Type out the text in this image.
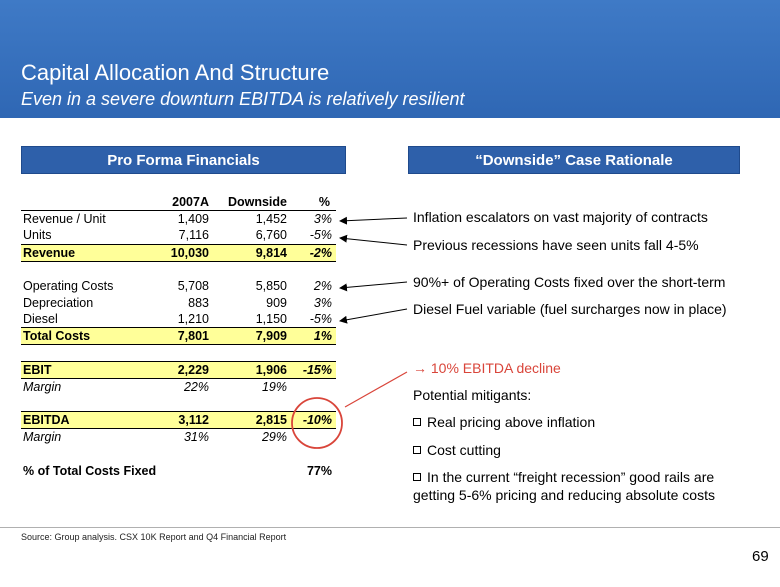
Capital Allocation And Structure
Even in a severe downturn EBITDA is relatively resilient
Pro Forma Financials	“Downside” Case Rationale
	2007A	Downside	%
Revenue / Unit	1,409	1,452	3%
Units	7,116	6,760	-5%
Revenue	10,030	9,814	-2%

Operating Costs	5,708	5,850	2%
Depreciation	883	909	3%
Diesel	1,210	1,150	-5%
Total Costs	7,801	7,909	1%

EBIT	2,229	1,906	-15%
Margin	22%	19%	

EBITDA	3,112	2,815	-10%
Margin	31%	29%	

% of Total Costs Fixed			77%
Inflation escalators on vast majority of contracts
Previous recessions have seen units fall 4-5%
90%+ of Operating Costs fixed over the short-term
Diesel Fuel variable (fuel surcharges now in place)
→ 10% EBITDA decline
Potential mitigants:
Real pricing above inflation
Cost cutting
In the current “freight recession” good rails are
getting 5-6% pricing and reducing absolute costs
Source: Group analysis. CSX 10K Report and Q4 Financial Report
69
